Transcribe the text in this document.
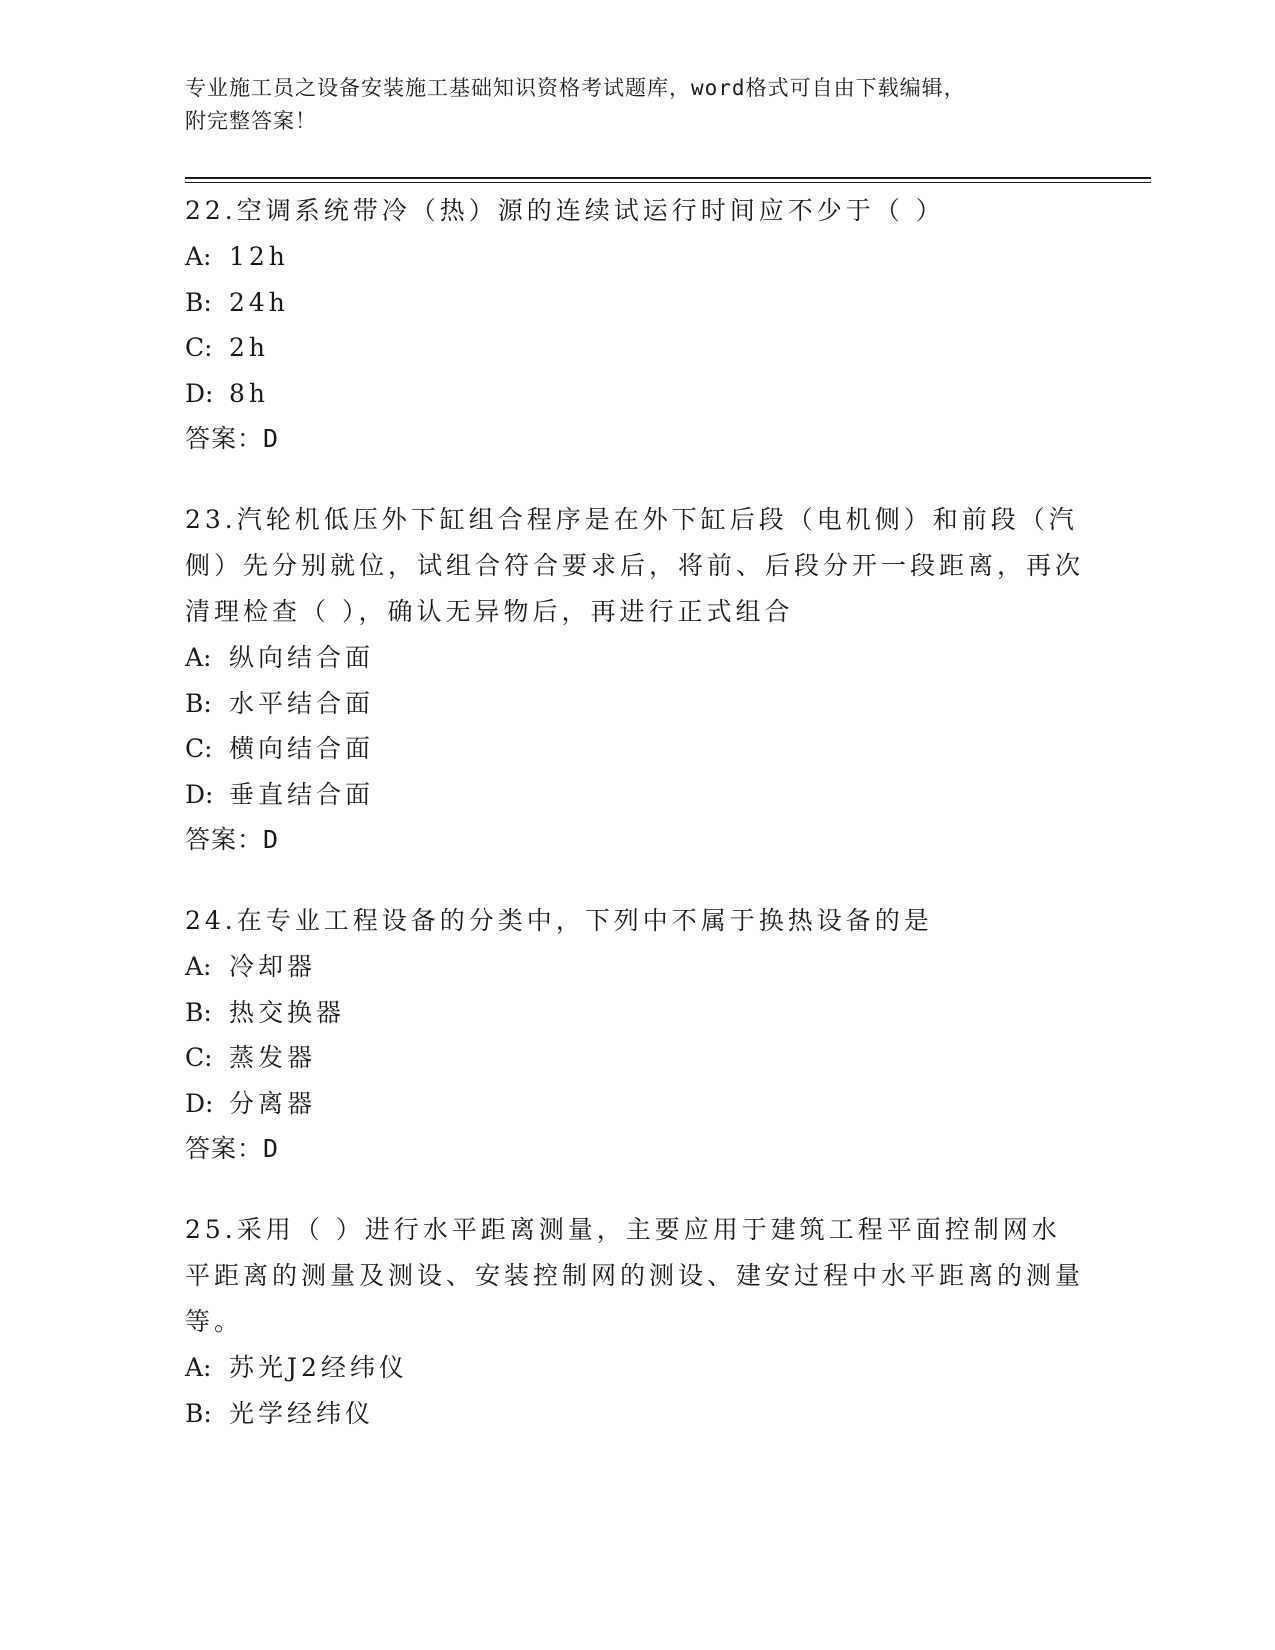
专业施工员之设备安装施工基础知识资格考试题库，word格式可自由下载编辑，
附完整答案！

22.空调系统带冷（热）源的连续试运行时间应不少于（ ）

A: 12h
B: 24h
C: 2h
D: 8h
答案：D

23.汽轮机低压外下缸组合程序是在外下缸后段（电机侧）和前段（汽侧）先分别就位，试组合符合要求后，将前、后段分开一段距离，再次清理检查（ ），确认无异物后，再进行正式组合

A: 纵向结合面
B: 水平结合面
C: 横向结合面
D: 垂直结合面
答案：D

24.在专业工程设备的分类中，下列中不属于换热设备的是

A: 冷却器
B: 热交换器
C: 蒸发器
D: 分离器
答案：D

25.采用（ ）进行水平距离测量，主要应用于建筑工程平面控制网水平距离的测量及测设、安装控制网的测设、建安过程中水平距离的测量等。

A: 苏光J2经纬仪
B: 光学经纬仪
